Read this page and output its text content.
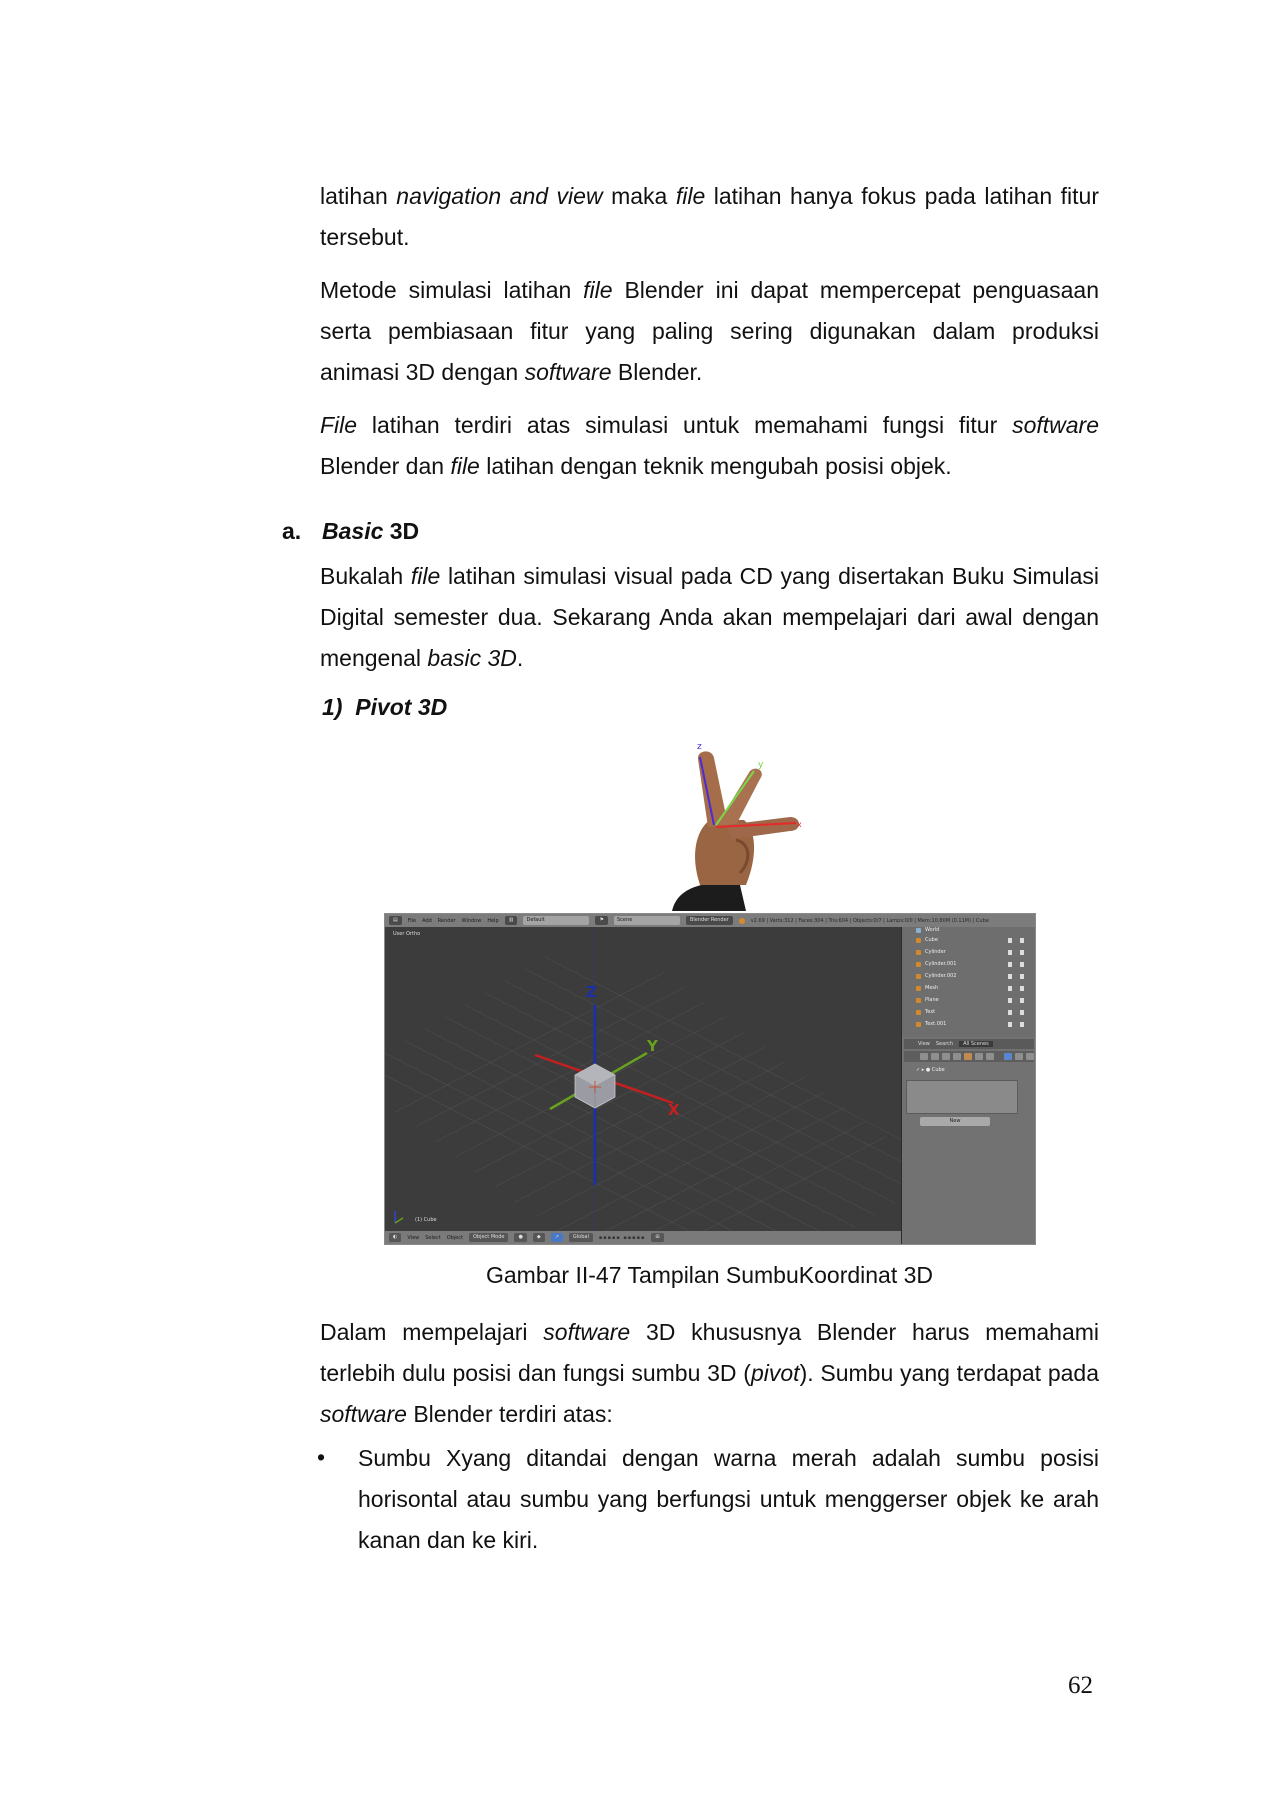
latihan navigation and view maka file latihan hanya fokus pada latihan fitur tersebut.

Metode simulasi latihan file Blender ini dapat mempercepat penguasaan serta pembiasaan fitur yang paling sering digunakan dalam produksi animasi 3D dengan software Blender.

File latihan terdiri atas simulasi untuk memahami fungsi fitur software Blender dan file latihan dengan teknik mengubah posisi objek.

a. Basic 3D

Bukalah file latihan simulasi visual pada CD yang disertakan Buku Simulasi Digital semester dua. Sekarang Anda akan mempelajari dari awal dengan mengenal basic 3D.

1) Pivot 3D
z
y
x
▤	File Add Render Window Help	▥	Default	⚑	Scene	Blender Render	v2.69 | Verts:312 | Faces:304 | Tris:604 | Objects:0/7 | Lamps:0/0 | Mem:10.80M (0.11M) | Cube
User Ortho
Z
Y
X
(1) Cube
◐	View Select Object	Object Mode	●	◆	↗	Global	▪▪▪▪▪ ▪▪▪▪▪	⊞
World
Cube
Cylinder
Cylinder.001
Cylinder.002
Mesh
Plane
Text
Text.001
View Search	All Scenes
✓ ▸ ● Cube
New
Gambar II-47 Tampilan SumbuKoordinat 3D

Dalam mempelajari software 3D khususnya Blender harus memahami terlebih dulu posisi dan fungsi sumbu 3D (pivot). Sumbu yang terdapat pada software Blender terdiri atas:

• Sumbu Xyang ditandai dengan warna merah adalah sumbu posisi horisontal atau sumbu yang berfungsi untuk menggerser objek ke arah kanan dan ke kiri.

62
